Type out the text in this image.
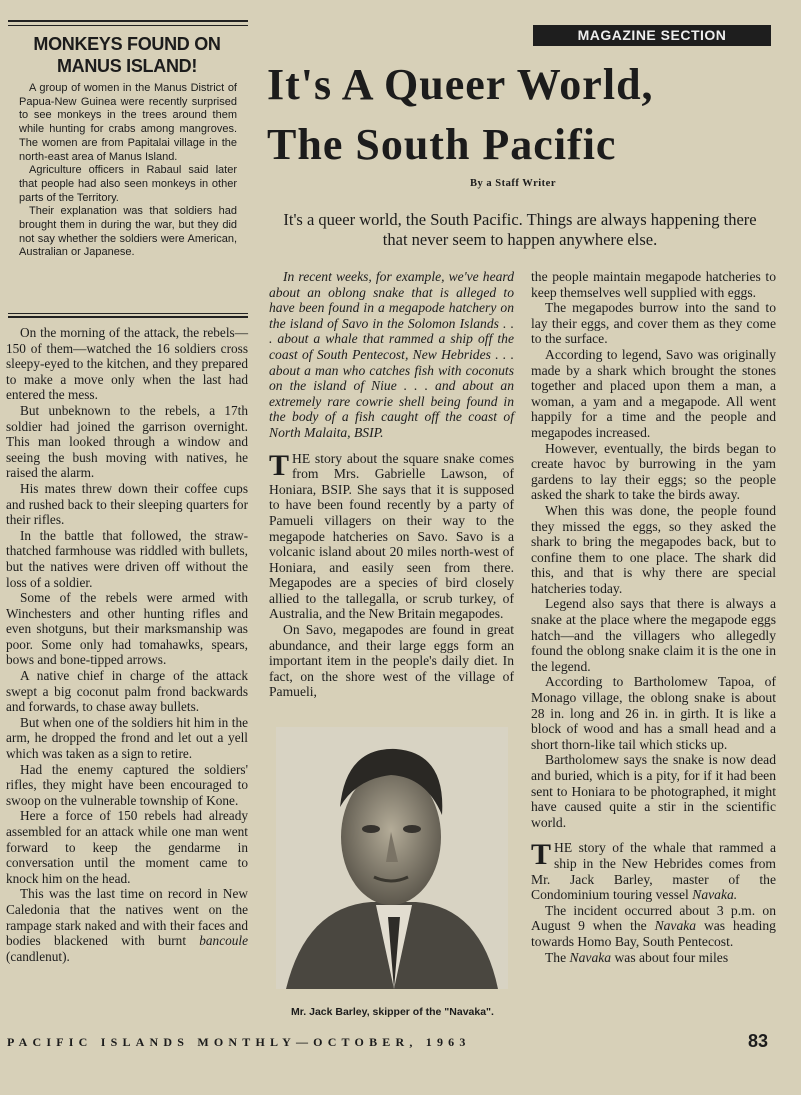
MONKEYS FOUND ON
MANUS ISLAND!

A group of women in the Manus District of Papua-New Guinea were recently surprised to see monkeys in the trees around them while hunting for crabs among mangroves. The women are from Papitalai village in the north-east area of Manus Island.

Agriculture officers in Rabaul said later that people had also seen monkeys in other parts of the Territory.

Their explanation was that soldiers had brought them in during the war, but they did not say whether the soldiers were American, Australian or Japanese.

On the morning of the attack, the rebels—150 of them—watched the 16 soldiers cross sleepy-eyed to the kitchen, and they prepared to make a move only when the last had entered the mess.

But unbeknown to the rebels, a 17th soldier had joined the garrison overnight. This man looked through a window and seeing the bush moving with natives, he raised the alarm.

His mates threw down their coffee cups and rushed back to their sleeping quarters for their rifles.

In the battle that followed, the straw-thatched farmhouse was riddled with bullets, but the natives were driven off without the loss of a soldier.

Some of the rebels were armed with Winchesters and other hunting rifles and even shotguns, but their marksmanship was poor. Some only had tomahawks, spears, bows and bone-tipped arrows.

A native chief in charge of the attack swept a big coconut palm frond backwards and forwards, to chase away bullets.

But when one of the soldiers hit him in the arm, he dropped the frond and let out a yell which was taken as a sign to retire.

Had the enemy captured the soldiers' rifles, they might have been encouraged to swoop on the vulnerable township of Kone.

Here a force of 150 rebels had already assembled for an attack while one man went forward to keep the gendarme in conversation until the moment came to knock him on the head.

This was the last time on record in New Caledonia that the natives went on the rampage stark naked and with their faces and bodies blackened with burnt bancoule (candlenut).

MAGAZINE SECTION
It's A Queer World,
The South Pacific
By a Staff Writer
It's a queer world, the South Pacific. Things are always happening there that never seem to happen anywhere else.

In recent weeks, for example, we've heard about an oblong snake that is alleged to have been found in a megapode hatchery on the island of Savo in the Solomon Islands . . . about a whale that rammed a ship off the coast of South Pentecost, New Hebrides . . . about a man who catches fish with coconuts on the island of Niue . . . and about an extremely rare cowrie shell being found in the body of a fish caught off the coast of North Malaita, BSIP.

THE story about the square snake comes from Mrs. Gabrielle Lawson, of Honiara, BSIP. She says that it is supposed to have been found recently by a party of Pamueli villagers on their way to the megapode hatcheries on Savo. Savo is a volcanic island about 20 miles north-west of Honiara, and easily seen from there. Megapodes are a species of bird closely allied to the tallegalla, or scrub turkey, of Australia, and the New Britain megapodes.

On Savo, megapodes are found in great abundance, and their large eggs form an important item in the people's daily diet. In fact, on the shore west of the village of Pamueli,

Mr. Jack Barley, skipper of the "Navaka".

the people maintain megapode hatcheries to keep themselves well supplied with eggs.

The megapodes burrow into the sand to lay their eggs, and cover them as they come to the surface.

According to legend, Savo was originally made by a shark which brought the stones together and placed upon them a man, a woman, a yam and a megapode. All went happily for a time and the people and megapodes increased.

However, eventually, the birds began to create havoc by burrowing in the yam gardens to lay their eggs; so the people asked the shark to take the birds away.

When this was done, the people found they missed the eggs, so they asked the shark to bring the megapodes back, but to confine them to one place. The shark did this, and that is why there are special hatcheries today.

Legend also says that there is always a snake at the place where the megapode eggs hatch—and the villagers who allegedly found the oblong snake claim it is the one in the legend.

According to Bartholomew Tapoa, of Monago village, the oblong snake is about 28 in. long and 26 in. in girth. It is like a block of wood and has a small head and a short thorn-like tail which sticks up.

Bartholomew says the snake is now dead and buried, which is a pity, for if it had been sent to Honiara to be photographed, it might have caused quite a stir in the scientific world.

THE story of the whale that rammed a ship in the New Hebrides comes from Mr. Jack Barley, master of the Condominium touring vessel Navaka.

The incident occurred about 3 p.m. on August 9 when the Navaka was heading towards Homo Bay, South Pentecost.

The Navaka was about four miles

PACIFIC ISLANDS MONTHLY—OCTOBER, 1963	83
